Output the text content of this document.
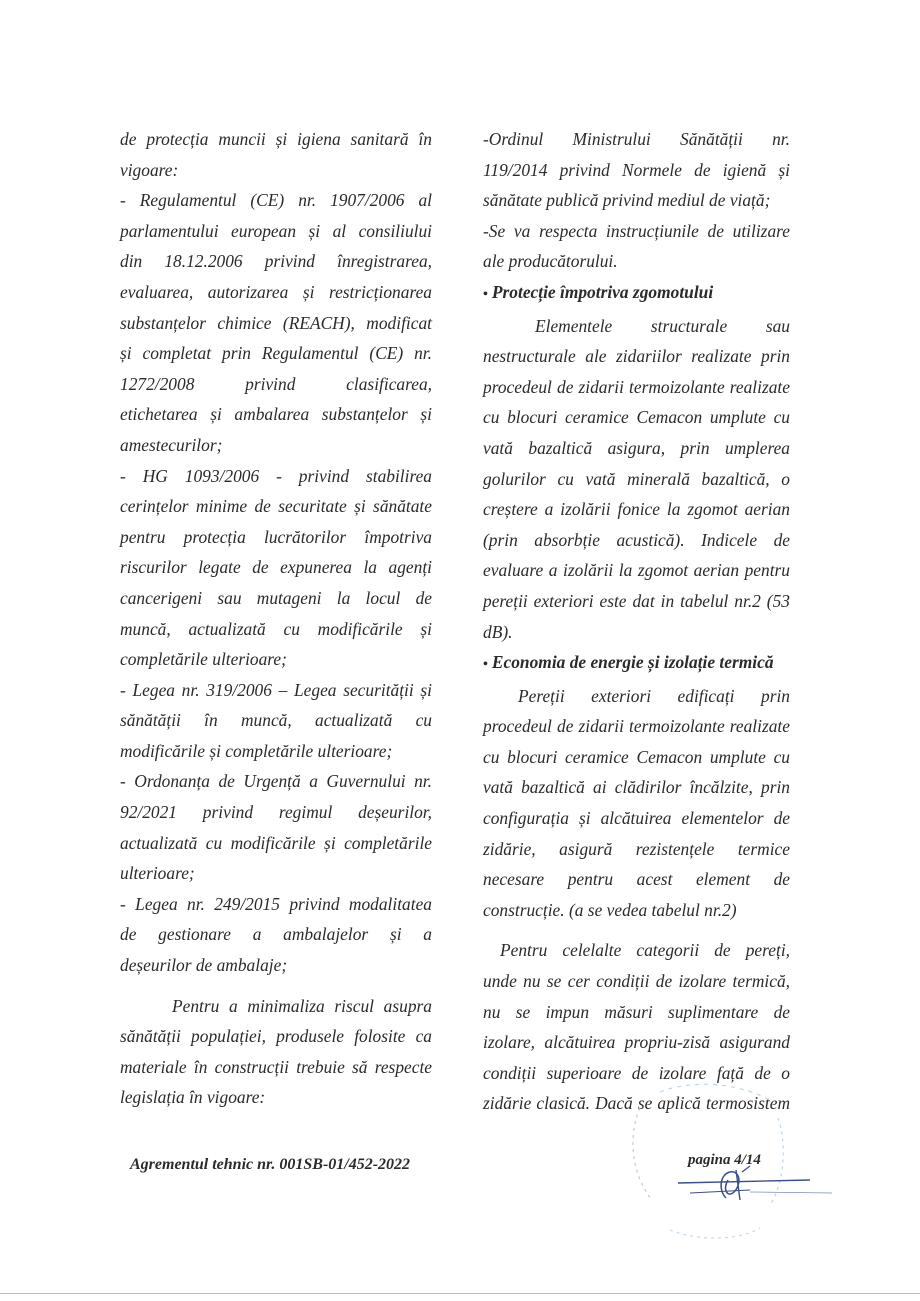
de protecția muncii și igiena sanitară în

vigoare:

- Regulamentul (CE) nr. 1907/2006 al

parlamentului european și al consiliului

din 18.12.2006 privind înregistrarea,

evaluarea, autorizarea și restricționarea

substanțelor chimice (REACH), modificat

și completat prin Regulamentul (CE) nr.

1272/2008 privind clasificarea,

etichetarea și ambalarea substanțelor și

amestecurilor;

- HG 1093/2006 - privind stabilirea

cerințelor minime de securitate și sănătate

pentru protecția lucrătorilor împotriva

riscurilor legate de expunerea la agenți

cancerigeni sau mutageni la locul de

muncă, actualizată cu modificările și

completările ulterioare;

- Legea nr. 319/2006 – Legea securității și

sănătății în muncă, actualizată cu

modificările și completările ulterioare;

- Ordonanța de Urgență a Guvernului nr.

92/2021 privind regimul deșeurilor,

actualizată cu modificările și completările

ulterioare;

- Legea nr. 249/2015 privind modalitatea

de gestionare a ambalajelor și a

deșeurilor de ambalaje;

Pentru a minimaliza riscul asupra

sănătății populației, produsele folosite ca

materiale în construcții trebuie să respecte

legislația în vigoare:

-Ordinul Ministrului Sănătății nr.

119/2014 privind Normele de igienă și

sănătate publică privind mediul de viață;

-Se va respecta instrucțiunile de utilizare

ale producătorului.

• Protecție împotriva zgomotului

Elementele structurale sau

nestructurale ale zidariilor realizate prin

procedeul de zidarii termoizolante realizate

cu blocuri ceramice Cemacon umplute cu

vată bazaltică asigura, prin umplerea

golurilor cu vată minerală bazaltică, o

creștere a izolării fonice la zgomot aerian

(prin absorbție acustică). Indicele de

evaluare a izolării la zgomot aerian pentru

pereții exteriori este dat in tabelul nr.2 (53

dB).

• Economia de energie și izolație termică

Pereții exteriori edificați prin

procedeul de zidarii termoizolante realizate

cu blocuri ceramice Cemacon umplute cu

vată bazaltică ai clădirilor încălzite, prin

configurația și alcătuirea elementelor de

zidărie, asigură rezistențele termice

necesare pentru acest element de

construcție. (a se vedea tabelul nr.2)

Pentru celelalte categorii de pereți,

unde nu se cer condiții de izolare termică,

nu se impun măsuri suplimentare de

izolare, alcătuirea propriu-zisă asigurand

condiții superioare de izolare față de o

zidărie clasică. Dacă se aplică termosistem

Agrementul tehnic nr. 001SB-01/452-2022	pagina 4/14
